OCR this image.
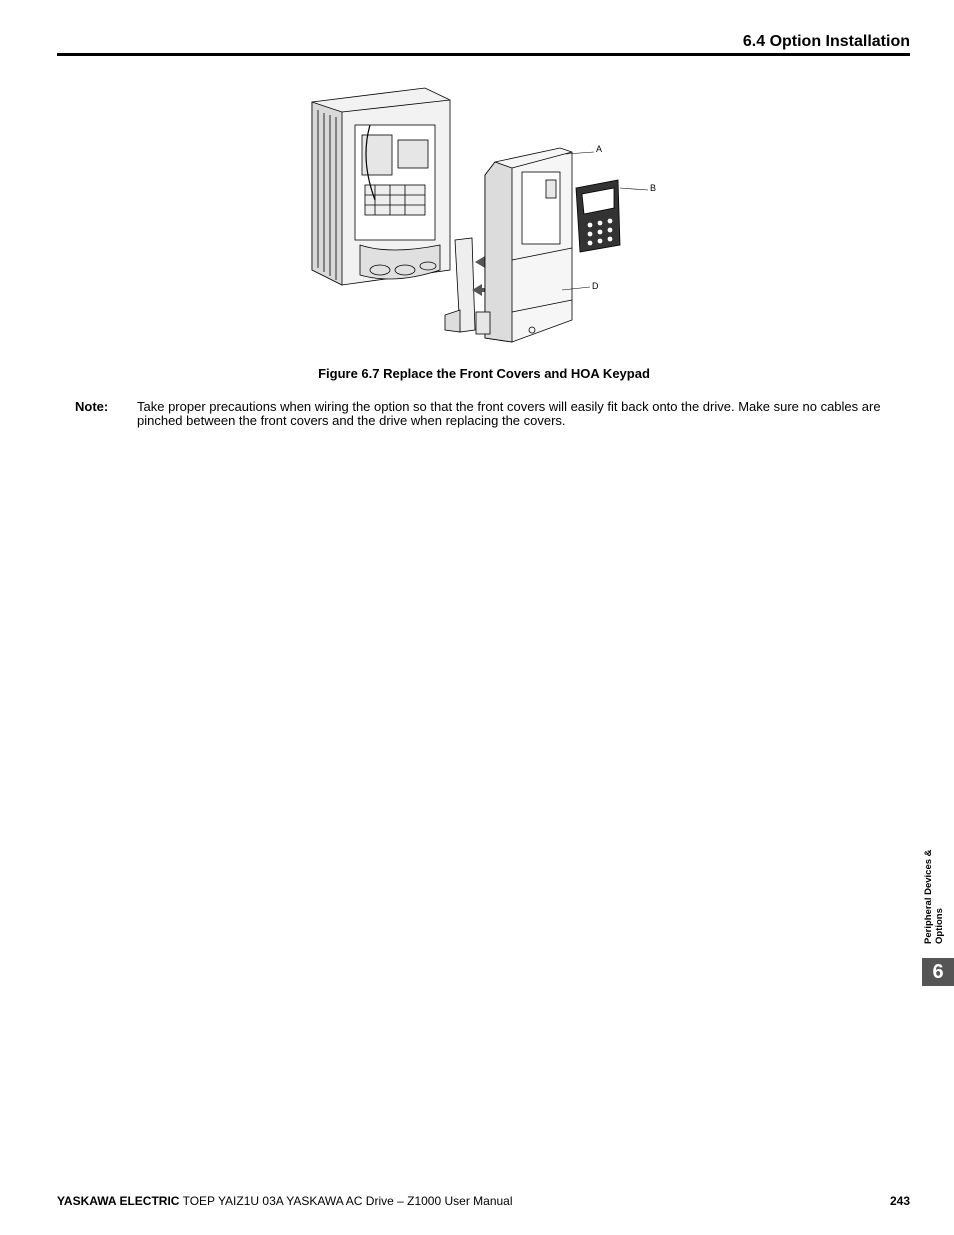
6.4 Option Installation
A
B
D
Figure 6.7 Replace the Front Covers and HOA Keypad
Note: Take proper precautions when wiring the option so that the front covers will easily fit back onto the drive. Make sure no cables are pinched between the front covers and the drive when replacing the covers.
Peripheral Devices & Options
6
YASKAWA ELECTRIC TOEP YAIZ1U 03A YASKAWA AC Drive – Z1000 User Manual	243
